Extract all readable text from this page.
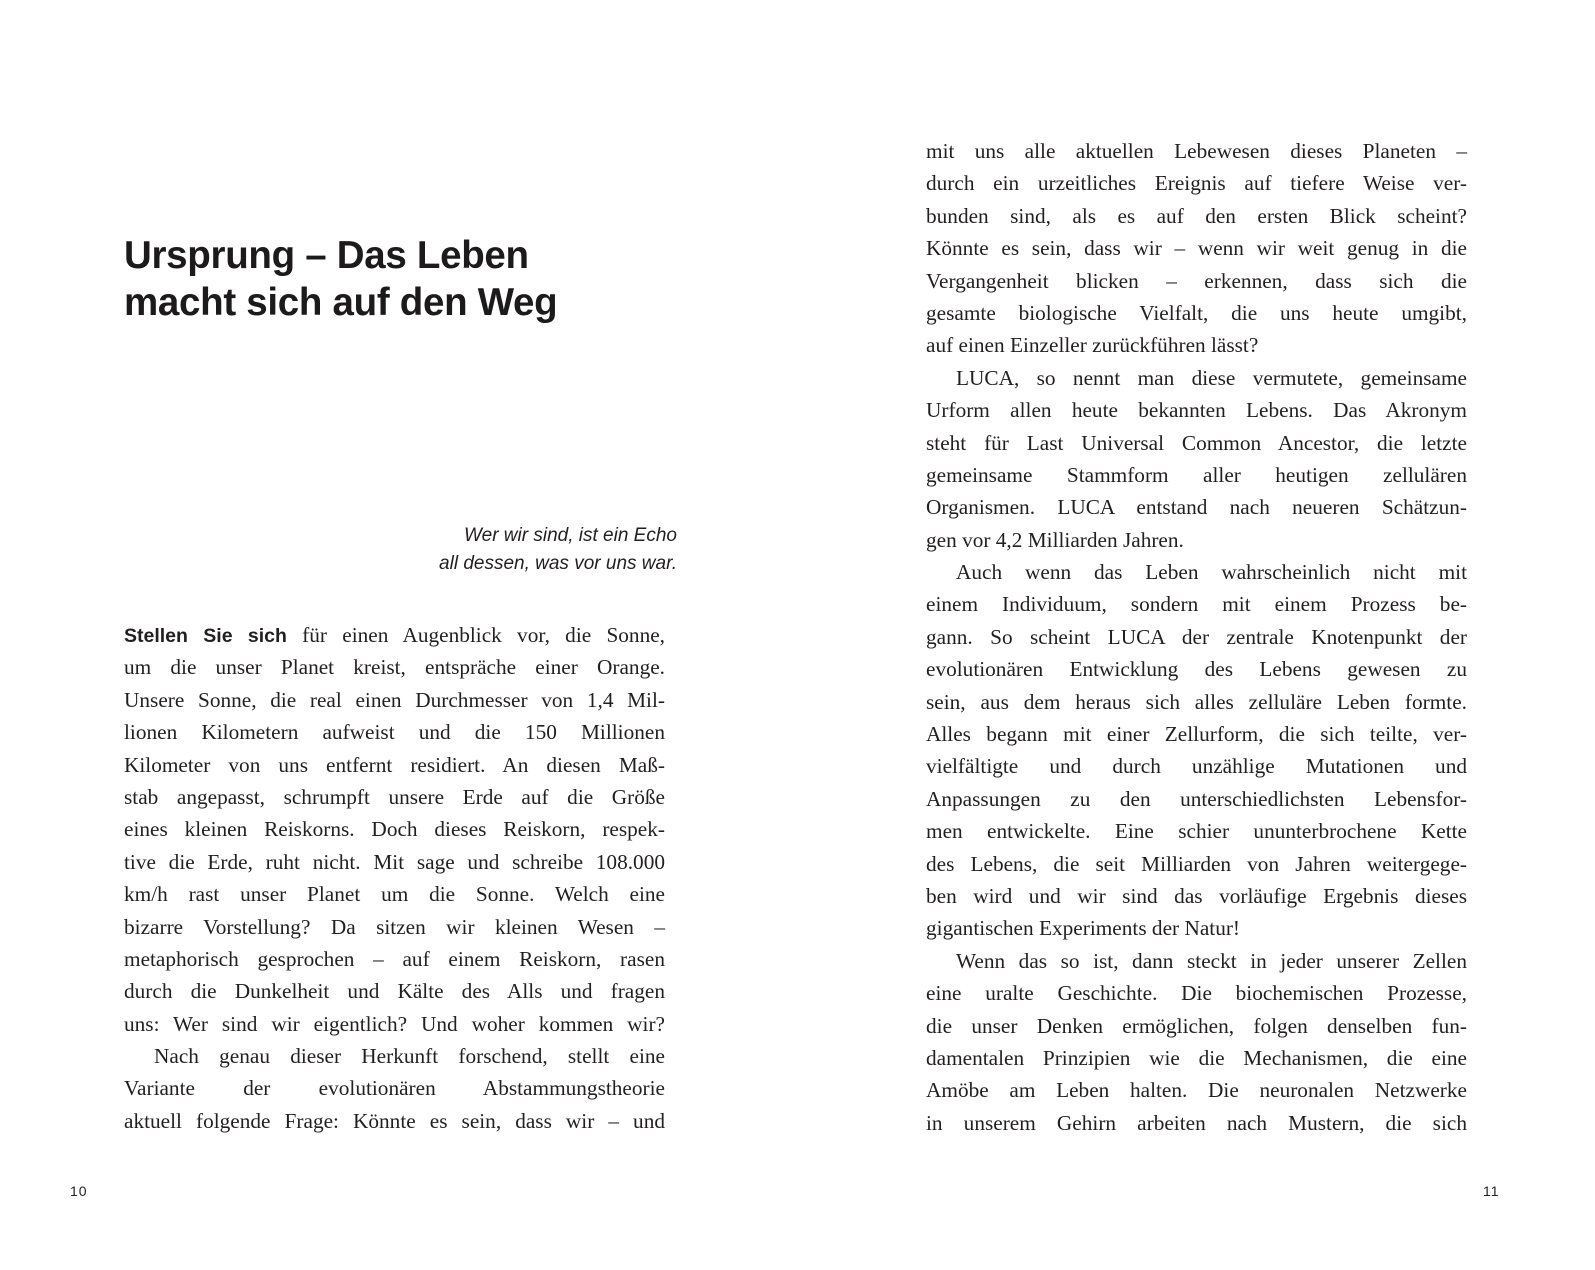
Ursprung – Das Leben
macht sich auf den Weg
Wer wir sind, ist ein Echo
all dessen, was vor uns war.
Stellen Sie sich für einen Augenblick vor, die Sonne,
um die unser Planet kreist, entspräche einer Orange.
Unsere Sonne, die real einen Durchmesser von 1,4 Mil-
lionen Kilometern aufweist und die 150 Millionen
Kilometer von uns entfernt residiert. An diesen Maß-
stab angepasst, schrumpft unsere Erde auf die Größe
eines kleinen Reiskorns. Doch dieses Reiskorn, respek-
tive die Erde, ruht nicht. Mit sage und schreibe 108.000
km/h rast unser Planet um die Sonne. Welch eine
bizarre Vorstellung? Da sitzen wir kleinen Wesen –
metaphorisch gesprochen – auf einem Reiskorn, rasen
durch die Dunkelheit und Kälte des Alls und fragen
uns: Wer sind wir eigentlich? Und woher kommen wir?
Nach genau dieser Herkunft forschend, stellt eine
Variante der evolutionären Abstammungstheorie
aktuell folgende Frage: Könnte es sein, dass wir – und
10
mit uns alle aktuellen Lebewesen dieses Planeten –
durch ein urzeitliches Ereignis auf tiefere Weise ver-
bunden sind, als es auf den ersten Blick scheint?
Könnte es sein, dass wir – wenn wir weit genug in die
Vergangenheit blicken – erkennen, dass sich die
gesamte biologische Vielfalt, die uns heute umgibt,
auf einen Einzeller zurückführen lässt?
LUCA, so nennt man diese vermutete, gemeinsame
Urform allen heute bekannten Lebens. Das Akronym
steht für Last Universal Common Ancestor, die letzte
gemeinsame Stammform aller heutigen zellulären
Organismen. LUCA entstand nach neueren Schätzun-
gen vor 4,2 Milliarden Jahren.
Auch wenn das Leben wahrscheinlich nicht mit
einem Individuum, sondern mit einem Prozess be-
gann. So scheint LUCA der zentrale Knotenpunkt der
evolutionären Entwicklung des Lebens gewesen zu
sein, aus dem heraus sich alles zelluläre Leben formte.
Alles begann mit einer Zellurform, die sich teilte, ver-
vielfältigte und durch unzählige Mutationen und
Anpassungen zu den unterschiedlichsten Lebensfor-
men entwickelte. Eine schier ununterbrochene Kette
des Lebens, die seit Milliarden von Jahren weitergege-
ben wird und wir sind das vorläufige Ergebnis dieses
gigantischen Experiments der Natur!
Wenn das so ist, dann steckt in jeder unserer Zellen
eine uralte Geschichte. Die biochemischen Prozesse,
die unser Denken ermöglichen, folgen denselben fun-
damentalen Prinzipien wie die Mechanismen, die eine
Amöbe am Leben halten. Die neuronalen Netzwerke
in unserem Gehirn arbeiten nach Mustern, die sich
11
